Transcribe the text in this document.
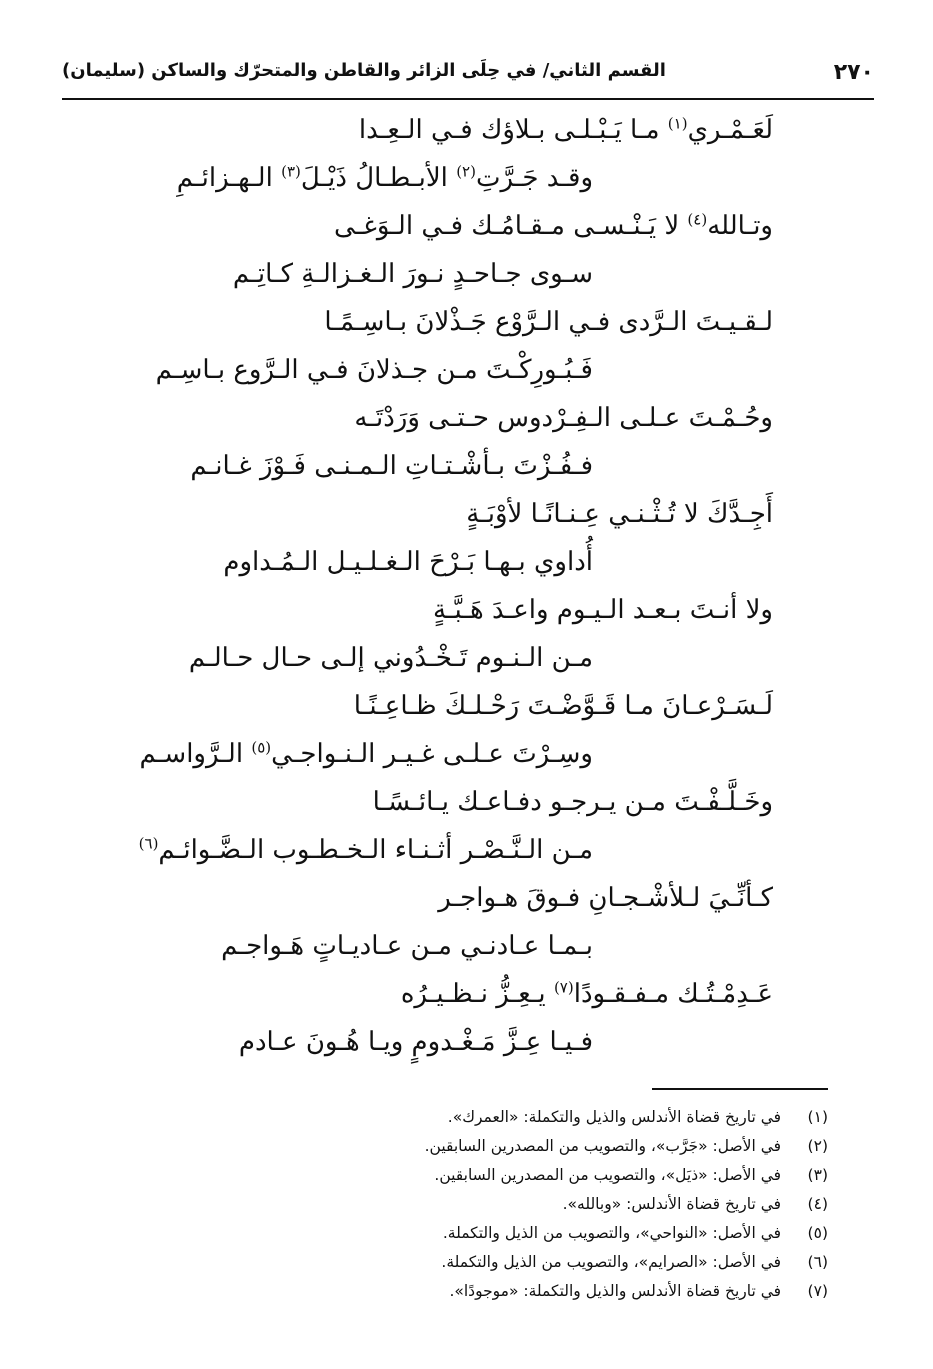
٢٧٠
القسم الثاني/ في حِلَى الزائر والقاطن والمتحرّك والساكن (سليمان)
لَعَـمْـري$^{(١)}$ مـا يَـبْـلـى بـلاؤك فـي الـعِـدا
وقـد جَـرَّتِ$^{(٢)}$ الأبـطـالُ ذَيْـلَ$^{(٣)}$ الـهـزائـمِ
وتـالله$^{(٤)}$ لا يَـنْـسـى مـقـامُـك فـي الـوَغـى
سـوى جـاحـدٍ نـورَ الـغـزالـةِ كـاتِـم
لـقـيـتَ الـرَّدى فـي الـرَّوْع جَـذْلانَ بـاسِـمًـا
فَـبُـورِكْـتَ مـن جـذلانَ فـي الـرَّوع بـاسِـم
وحُـمْـتَ عـلـى الـفِـرْدوس حـتـى وَرَدْتَـه
فـفُـزْتَ بـأشْـتـاتِ الـمـنـى فَـوْزَ غـانـم
أَجِـدَّكَ لا تُـثْـنـي عِـنـانًـا لأوْبَـةٍ
أُداوي بـهـا بَـرْحَ الـغـلـيـل الـمُـداوم
ولا أنـتَ بـعـد الـيـوم واعـدَ هَـبَّـةٍ
مـن الـنـوم تَـخْـدُوني إلـى حـال حـالـم
لَـسَـرْعـانَ مـا قَـوَّضْـتَ رَحْـلـكَ ظـاعِـنًـا
وسِـرْتَ عـلـى غـيـر الـنـواجـي$^{(٥)}$ الـرَّواسـم
وخَـلَّـفْـتَ مـن يـرجـو دفـاعـك يـائـسًـا
مـن الـنَّـصْـر أثـنـاء الـخـطـوب الـضَّـوائـم$^{(٦)}$
كـأنِّـيَ لـلأشْـجـانِ فـوقَ هـواجـر
بـمـا عـادنـي مـن عـاديـاتٍ هَـواجـم
عَـدِمْـتُـك مـفـقـودًا$^{(٧)}$ يـعِـزُّ نـظـيـرُه
فـيـا عِـزَّ مَـغْـدومٍ ويـا هُـونَ عـادم
(١) في تاريخ قضاة الأندلس والذيل والتكملة: «العمرك».
(٢) في الأصل: «جَرَّب»، والتصويب من المصدرين السابقين.
(٣) في الأصل: «ذيَل»، والتصويب من المصدرين السابقين.
(٤) في تاريخ قضاة الأندلس: «وبالله».
(٥) في الأصل: «النواحي»، والتصويب من الذيل والتكملة.
(٦) في الأصل: «الصرايم»، والتصويب من الذيل والتكملة.
(٧) في تاريخ قضاة الأندلس والذيل والتكملة: «موجودًا».
